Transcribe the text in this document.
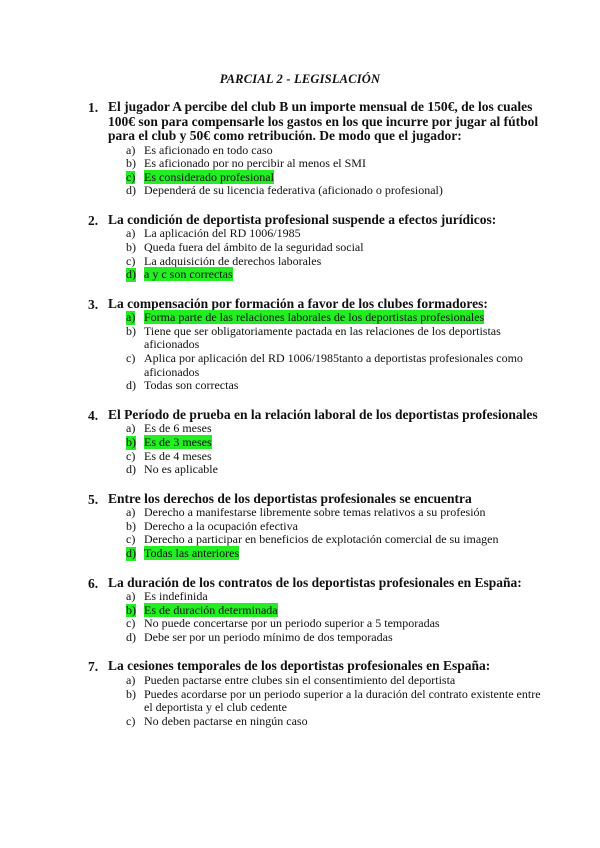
PARCIAL 2 - LEGISLACIÓN
1. El jugador A percibe del club B un importe mensual de 150€, de los cuales 100€ son para compensarle los gastos en los que incurre por jugar al fútbol para el club y 50€ como retribución. De modo que el jugador:
a) Es aficionado en todo caso
b) Es aficionado por no percibir al menos el SMI
c) Es considerado profesional
d) Dependerá de su licencia federativa (aficionado o profesional)
2. La condición de deportista profesional suspende a efectos jurídicos:
a) La aplicación del RD 1006/1985
b) Queda fuera del ámbito de la seguridad social
c) La adquisición de derechos laborales
d) a y c son correctas
3. La compensación por formación a favor de los clubes formadores:
a) Forma parte de las relaciones laborales de los deportistas profesionales
b) Tiene que ser obligatoriamente pactada en las relaciones de los deportistas aficionados
c) Aplica por aplicación del RD 1006/1985tanto a deportistas profesionales como aficionados
d) Todas son correctas
4. El Período de prueba en la relación laboral de los deportistas profesionales
a) Es de 6 meses
b) Es de 3 meses
c) Es de 4 meses
d) No es aplicable
5. Entre los derechos de los deportistas profesionales se encuentra
a) Derecho a manifestarse libremente sobre temas relativos a su profesión
b) Derecho a la ocupación efectiva
c) Derecho a participar en beneficios de explotación comercial de su imagen
d) Todas las anteriores
6. La duración de los contratos de los deportistas profesionales en España:
a) Es indefinida
b) Es de duración determinada
c) No puede concertarse por un periodo superior a 5 temporadas
d) Debe ser por un periodo mínimo de dos temporadas
7. La cesiones temporales de los deportistas profesionales en España:
a) Pueden pactarse entre clubes sin el consentimiento del deportista
b) Puedes acordarse por un periodo superior a la duración del contrato existente entre el deportista y el club cedente
c) No deben pactarse en ningún caso
